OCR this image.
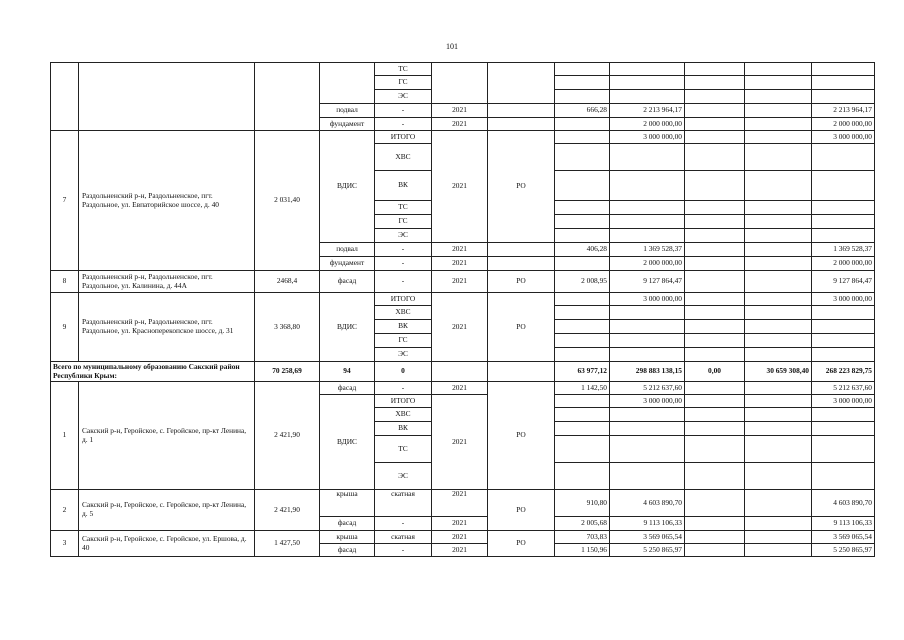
101
				ТС							
				ГС							
				ЭС							
			подвал	-	2021		666,28	2 213 964,17			2 213 964,17
			фундамент	-	2021			2 000 000,00			2 000 000,00
7	Раздольненский р-н, Раздольненское, пгт. Раздольное, ул. Евпаторийское шоссе, д. 40	2 031,40	ВДИС	ИТОГО	2021	РО		3 000 000,00			3 000 000,00
				ХВС							
				ВК							
				ТС							
				ГС							
				ЭС							
			подвал	-	2021		406,28	1 369 528,37			1 369 528,37
			фундамент	-	2021			2 000 000,00			2 000 000,00
8	Раздольненский р-н, Раздольненское, пгт. Раздольное, ул. Калинина, д. 44А	2468,4	фасад	-	2021	РО	2 008,95	9 127 864,47			9 127 864,47
9	Раздольненский р-н, Раздольненское, пгт. Раздольное, ул. Красноперекопское шоссе, д. 31	3 368,80	ВДИС	ИТОГО	2021	РО		3 000 000,00			3 000 000,00
				ХВС							
				ВК							
				ГС							
				ЭС							
Всего по муниципальному образованию Сакский район Республики Крым:		70 258,69	94	0			63 977,12	298 883 138,15	0,00	30 659 308,40	268 223 829,75
1	Сакский р-н, Геройское, с. Геройское, пр-кт Ленина, д. 1	2 421,90	фасад	-	2021	РО	1 142,50	5 212 637,60			5 212 637,60
			ВДИС	ИТОГО	2021			3 000 000,00			3 000 000,00
				ХВС							
				ВК							
				ТС							
				ЭС							
2	Сакский р-н, Геройское, с. Геройское, пр-кт Ленина, д. 5	2 421,90	крыша	скатная	2021	РО	910,80	4 603 890,70			4 603 890,70
			фасад	-	2021		2 005,68	9 113 106,33			9 113 106,33
3	Сакский р-н, Геройское, с. Геройское, ул. Ершова, д. 40	1 427,50	крыша	скатная	2021	РО	703,83	3 569 065,54			3 569 065,54
			фасад	-	2021		1 150,96	5 250 865,97			5 250 865,97
